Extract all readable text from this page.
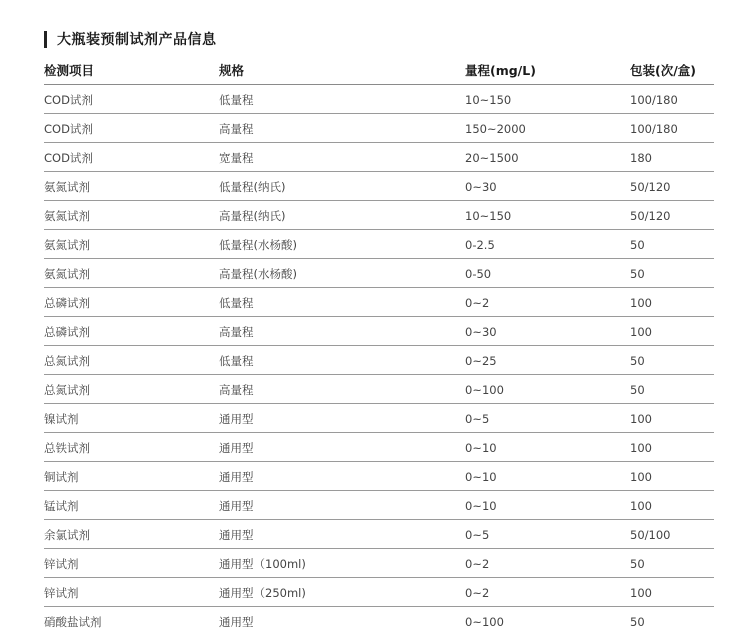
大瓶装预制试剂产品信息
检测项目	规格	量程(mg/L)	包装(次/盒)
COD试剂	低量程	10~150	100/180
COD试剂	高量程	150~2000	100/180
COD试剂	宽量程	20~1500	180
氨氮试剂	低量程(纳氏)	0~30	50/120
氨氮试剂	高量程(纳氏)	10~150	50/120
氨氮试剂	低量程(水杨酸)	0-2.5	50
氨氮试剂	高量程(水杨酸)	0-50	50
总磷试剂	低量程	0~2	100
总磷试剂	高量程	0~30	100
总氮试剂	低量程	0~25	50
总氮试剂	高量程	0~100	50
镍试剂	通用型	0~5	100
总铁试剂	通用型	0~10	100
铜试剂	通用型	0~10	100
锰试剂	通用型	0~10	100
余氯试剂	通用型	0~5	50/100
锌试剂	通用型（100ml)	0~2	50
锌试剂	通用型（250ml)	0~2	100
硝酸盐试剂	通用型	0~100	50
